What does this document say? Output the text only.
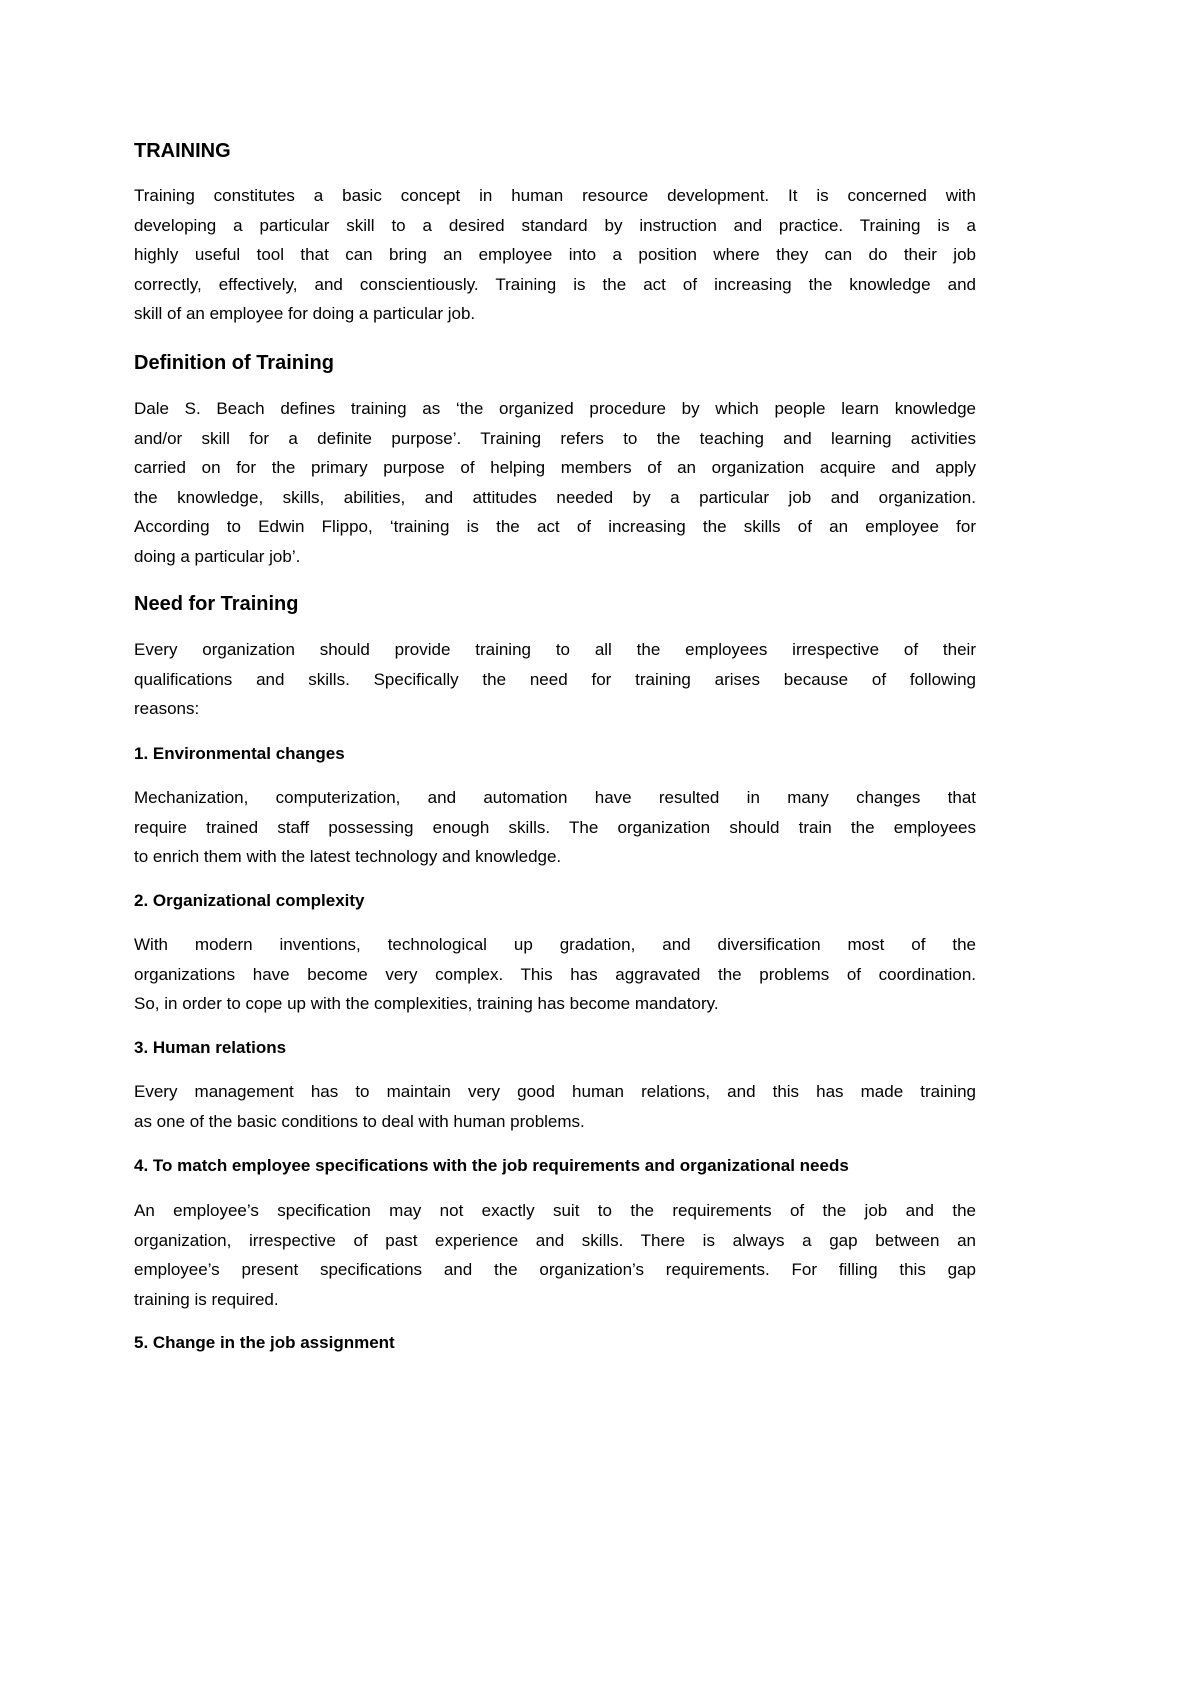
TRAINING
Training constitutes a basic concept in human resource development. It is concerned with
developing a particular skill to a desired standard by instruction and practice. Training is a
highly useful tool that can bring an employee into a position where they can do their job
correctly, effectively, and conscientiously. Training is the act of increasing the knowledge and
skill of an employee for doing a particular job.
Definition of Training
Dale S. Beach defines training as ‘the organized procedure by which people learn knowledge
and/or skill for a definite purpose’. Training refers to the teaching and learning activities
carried on for the primary purpose of helping members of an organization acquire and apply
the knowledge, skills, abilities, and attitudes needed by a particular job and organization.
According to Edwin Flippo, ‘training is the act of increasing the skills of an employee for
doing a particular job’.
Need for Training
Every organization should provide training to all the employees irrespective of their
qualifications and skills. Specifically the need for training arises because of following
reasons:
1. Environmental changes
Mechanization, computerization, and automation have resulted in many changes that
require trained staff possessing enough skills. The organization should train the employees
to enrich them with the latest technology and knowledge.
2. Organizational complexity
With modern inventions, technological up gradation, and diversification most of the
organizations have become very complex. This has aggravated the problems of coordination.
So, in order to cope up with the complexities, training has become mandatory.
3. Human relations
Every management has to maintain very good human relations, and this has made training
as one of the basic conditions to deal with human problems.
4. To match employee specifications with the job requirements and organizational needs
An employee’s specification may not exactly suit to the requirements of the job and the
organization, irrespective of past experience and skills. There is always a gap between an
employee’s present specifications and the organization’s requirements. For filling this gap
training is required.
5. Change in the job assignment
